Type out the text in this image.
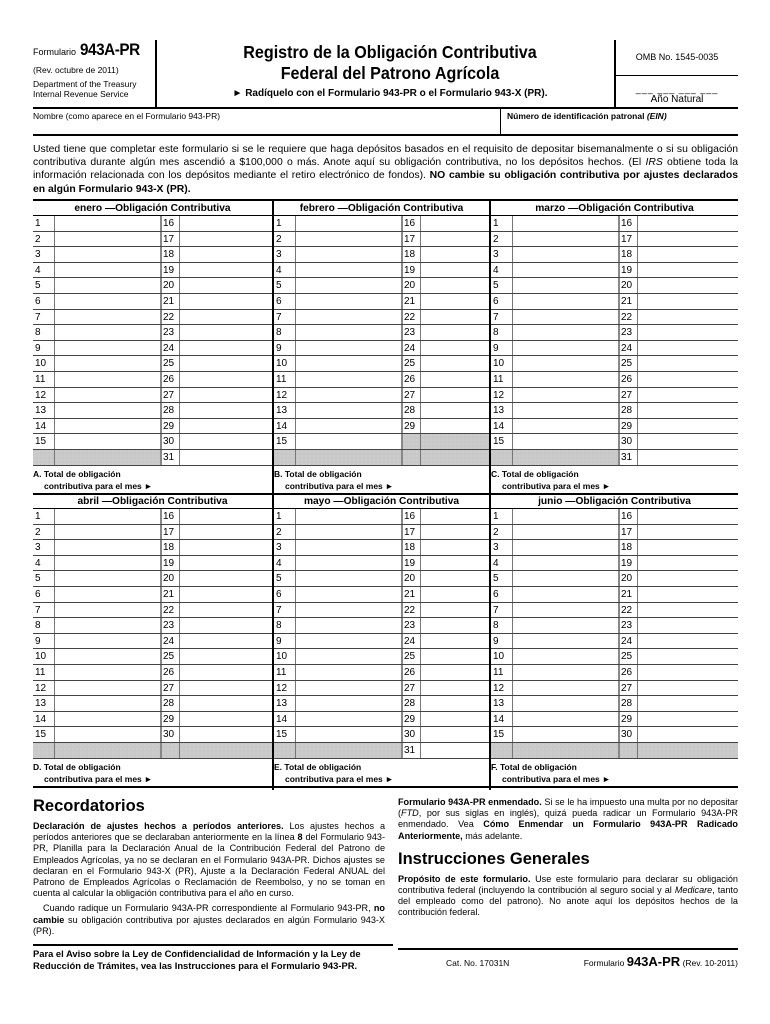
Formulario 943A-PR
(Rev. octubre de 2011)
Department of the Treasury
Internal Revenue Service
Registro de la Obligación Contributiva
Federal del Patrono Agrícola
► Radíquelo con el Formulario 943-PR o el Formulario 943-X (PR).
OMB No. 1545-0035
___ ___ ___ ___
Año Natural
Nombre (como aparece en el Formulario 943-PR)	Número de identificación patronal (EIN)
Usted tiene que completar este formulario si se le requiere que haga depósitos basados en el requisito de depositar bisemanalmente o si su obligación contributiva durante algún mes ascendió a $100,000 o más. Anote aquí su obligación contributiva, no los depósitos hechos. (El IRS obtiene toda la información relacionada con los depósitos mediante el retiro electrónico de fondos). NO cambie su obligación contributiva por ajustes declarados en algún Formulario 943-X (PR).
enero —Obligación Contributiva
1	16
2	17
3	18
4	19
5	20
6	21
7	22
8	23
9	24
10	25
11	26
12	27
13	28
14	29
15	30
31
A. Total de obligación
contributiva para el mes ►
febrero —Obligación Contributiva
1	16
2	17
3	18
4	19
5	20
6	21
7	22
8	23
9	24
10	25
11	26
12	27
13	28
14	29
15
B. Total de obligación
contributiva para el mes ►
marzo —Obligación Contributiva
1	16
2	17
3	18
4	19
5	20
6	21
7	22
8	23
9	24
10	25
11	26
12	27
13	28
14	29
15	30
31
C. Total de obligación
contributiva para el mes ►
abril —Obligación Contributiva
1	16
2	17
3	18
4	19
5	20
6	21
7	22
8	23
9	24
10	25
11	26
12	27
13	28
14	29
15	30
D. Total de obligación
contributiva para el mes ►
mayo —Obligación Contributiva
1	16
2	17
3	18
4	19
5	20
6	21
7	22
8	23
9	24
10	25
11	26
12	27
13	28
14	29
15	30
31
E. Total de obligación
contributiva para el mes ►
junio —Obligación Contributiva
1	16
2	17
3	18
4	19
5	20
6	21
7	22
8	23
9	24
10	25
11	26
12	27
13	28
14	29
15	30
F. Total de obligación
contributiva para el mes ►
Recordatorios

Declaración de ajustes hechos a períodos anteriores. Los ajustes hechos a períodos anteriores que se declaraban anteriormente en la línea 8 del Formulario 943-PR, Planilla para la Declaración Anual de la Contribución Federal del Patrono de Empleados Agrícolas, ya no se declaran en el Formulario 943A-PR. Dichos ajustes se declaran en el Formulario 943-X (PR), Ajuste a la Declaración Federal ANUAL del Patrono de Empleados Agrícolas o Reclamación de Reembolso, y no se toman en cuenta al calcular la obligación contributiva para el año en curso.

Cuando radique un Formulario 943A-PR correspondiente al Formulario 943-PR, no cambie su obligación contributiva por ajustes declarados en algún Formulario 943-X (PR).

Formulario 943A-PR enmendado. Si se le ha impuesto una multa por no depositar (FTD, por sus siglas en inglés), quizá pueda radicar un Formulario 943A-PR enmendado. Vea Cómo Enmendar un Formulario 943A-PR Radicado Anteriormente, más adelante.

Instrucciones Generales

Propósito de este formulario. Use este formulario para declarar su obligación contributiva federal (incluyendo la contribución al seguro social y al Medicare, tanto del empleado como del patrono). No anote aquí los depósitos hechos de la contribución federal.

Para el Aviso sobre la Ley de Confidencialidad de Información y la Ley de Reducción de Trámites, vea las Instrucciones para el Formulario 943-PR.	Cat. No. 17031N	Formulario 943A-PR (Rev. 10-2011)
